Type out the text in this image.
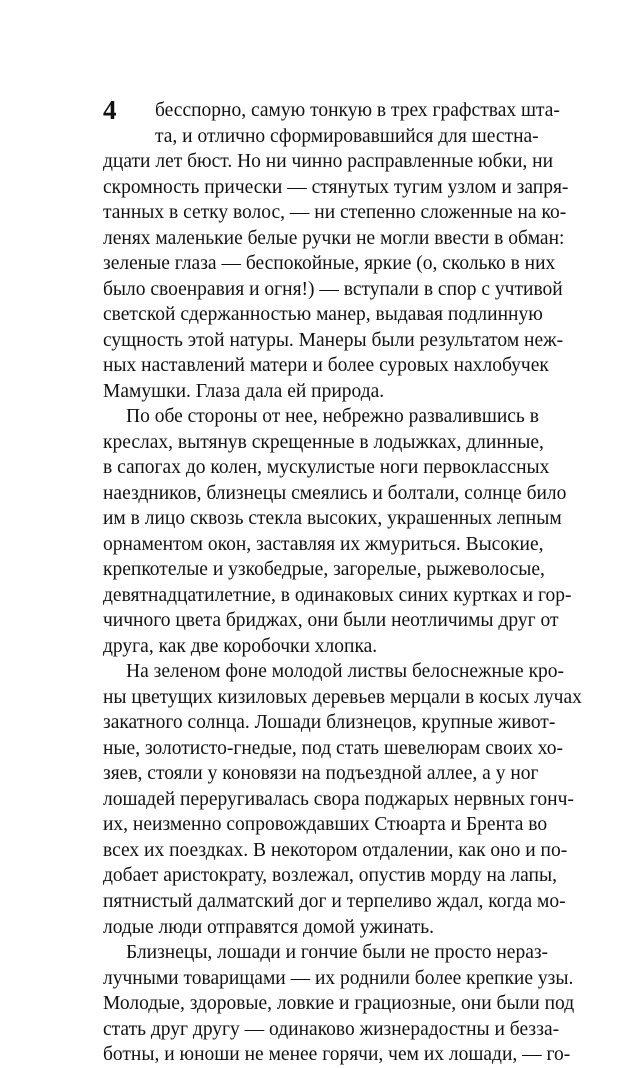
4 бесспорно, самую тонкую в трех графствах шта-
та, и отлично сформировавшийся для шестна-
дцати лет бюст. Но ни чинно расправленные юбки, ни
скромность прически — стянутых тугим узлом и запря-
танных в сетку волос, — ни степенно сложенные на ко-
ленях маленькие белые ручки не могли ввести в обман:
зеленые глаза — беспокойные, яркие (о, сколько в них
было своенравия и огня!) — вступали в спор с учтивой
светской сдержанностью манер, выдавая подлинную
сущность этой натуры. Манеры были результатом неж-
ных наставлений матери и более суровых нахлобучек
Мамушки. Глаза дала ей природа.
По обе стороны от нее, небрежно развалившись в
креслах, вытянув скрещенные в лодыжках, длинные,
в сапогах до колен, мускулистые ноги первоклассных
наездников, близнецы смеялись и болтали, солнце било
им в лицо сквозь стекла высоких, украшенных лепным
орнаментом окон, заставляя их жмуриться. Высокие,
крепкотелые и узкобедрые, загорелые, рыжеволосые,
девятнадцатилетние, в одинаковых синих куртках и гор-
чичного цвета бриджах, они были неотличимы друг от
друга, как две коробочки хлопка.
На зеленом фоне молодой листвы белоснежные кро-
ны цветущих кизиловых деревьев мерцали в косых лучах
закатного солнца. Лошади близнецов, крупные живот-
ные, золотисто-гнедые, под стать шевелюрам своих хо-
зяев, стояли у коновязи на подъездной аллее, а у ног
лошадей переругивалась свора поджарых нервных гонч-
их, неизменно сопровождавших Стюарта и Брента во
всех их поездках. В некотором отдалении, как оно и по-
добает аристократу, возлежал, опустив морду на лапы,
пятнистый далматский дог и терпеливо ждал, когда мо-
лодые люди отправятся домой ужинать.
Близнецы, лошади и гончие были не просто нераз-
лучными товарищами — их роднили более крепкие узы.
Молодые, здоровые, ловкие и грациозные, они были под
стать друг другу — одинаково жизнерадостны и безза-
ботны, и юноши не менее горячи, чем их лошади, — го-
